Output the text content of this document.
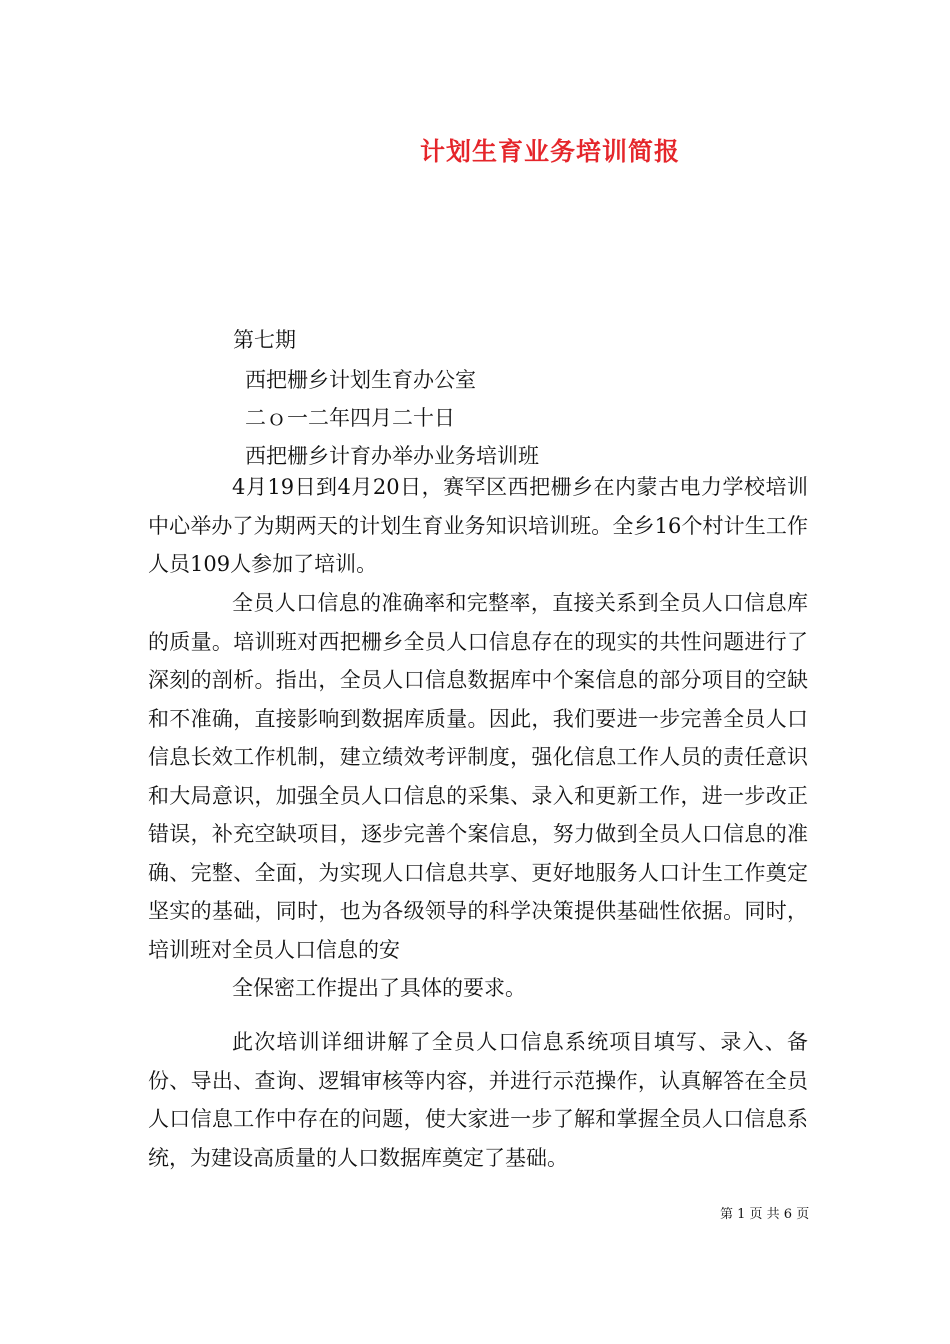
计划生育业务培训简报
第七期
西把栅乡计划生育办公室
二ｏ一二年四月二十日
西把栅乡计育办举办业务培训班

4月19日到4月20日，赛罕区西把栅乡在内蒙古电力学校培训中心举办了为期两天的计划生育业务知识培训班。全乡16个村计生工作人员109人参加了培训。

全员人口信息的准确率和完整率，直接关系到全员人口信息库的质量。培训班对西把栅乡全员人口信息存在的现实的共性问题进行了深刻的剖析。指出，全员人口信息数据库中个案信息的部分项目的空缺和不准确，直接影响到数据库质量。因此，我们要进一步完善全员人口信息长效工作机制，建立绩效考评制度，强化信息工作人员的责任意识和大局意识，加强全员人口信息的采集、录入和更新工作，进一步改正错误，补充空缺项目，逐步完善个案信息，努力做到全员人口信息的准确、完整、全面，为实现人口信息共享、更好地服务人口计生工作奠定坚实的基础，同时，也为各级领导的科学决策提供基础性依据。同时，培训班对全员人口信息的安

全保密工作提出了具体的要求。

此次培训详细讲解了全员人口信息系统项目填写、录入、备份、导出、查询、逻辑审核等内容，并进行示范操作，认真解答在全员人口信息工作中存在的问题，使大家进一步了解和掌握全员人口信息系统，为建设高质量的人口数据库奠定了基础。

第 1 页 共 6 页
